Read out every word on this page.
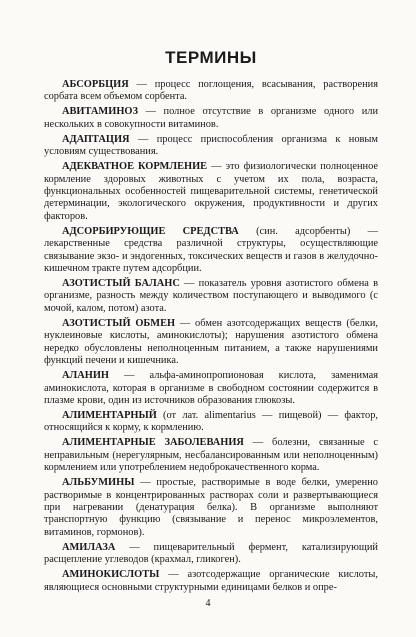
ТЕРМИНЫ

АБСОРБЦИЯ — процесс поглощения, всасывания, растворения сорбата всем объемом сорбента.

АВИТАМИНОЗ — полное отсутствие в организме одного или нескольких в совокупности витаминов.

АДАПТАЦИЯ — процесс приспособления организма к новым условиям существования.

АДЕКВАТНОЕ КОРМЛЕНИЕ — это физиологически полноценное кормление здоровых животных с учетом их пола, возраста, функциональных особенностей пищеварительной системы, генетической детерминации, экологического окружения, продуктивности и других факторов.

АДСОРБИРУЮЩИЕ СРЕДСТВА (син. адсорбенты) — лекарственные средства различной структуры, осуществляющие связывание экзо- и эндогенных, токсических веществ и газов в желудочно-кишечном тракте путем адсорбции.

АЗОТИСТЫЙ БАЛАНС — показатель уровня азотистого обмена в организме, разность между количеством поступающего и выводимого (с мочой, калом, потом) азота.

АЗОТИСТЫЙ ОБМЕН — обмен азотсодержащих веществ (белки, нуклеиновые кислоты, аминокислоты); нарушения азотистого обмена нередко обусловлены неполноценным питанием, а также нарушениями функций печени и кишечника.

АЛАНИН — альфа-аминопропионовая кислота, заменимая аминокислота, которая в организме в свободном состоянии содержится в плазме крови, один из источников образования глюкозы.

АЛИМЕНТАРНЫЙ (от лат. alimentarius — пищевой) — фактор, относящийся к корму, к кормлению.

АЛИМЕНТАРНЫЕ ЗАБОЛЕВАНИЯ — болезни, связанные с неправильным (нерегулярным, несбалансированным или неполноценным) кормлением или употреблением недоброкачественного корма.

АЛЬБУМИНЫ — простые, растворимые в воде белки, умеренно растворимые в концентрированных растворах соли и развертывающиеся при нагревании (денатурация белка). В организме выполняют транспортную функцию (связывание и перенос микроэлементов, витаминов, гормонов).

АМИЛАЗА — пищеварительный фермент, катализирующий расщепление углеводов (крахмал, гликоген).

АМИНОКИСЛОТЫ — азотсодержащие органические кислоты, являющиеся основными структурными единицами белков и опре-

4
